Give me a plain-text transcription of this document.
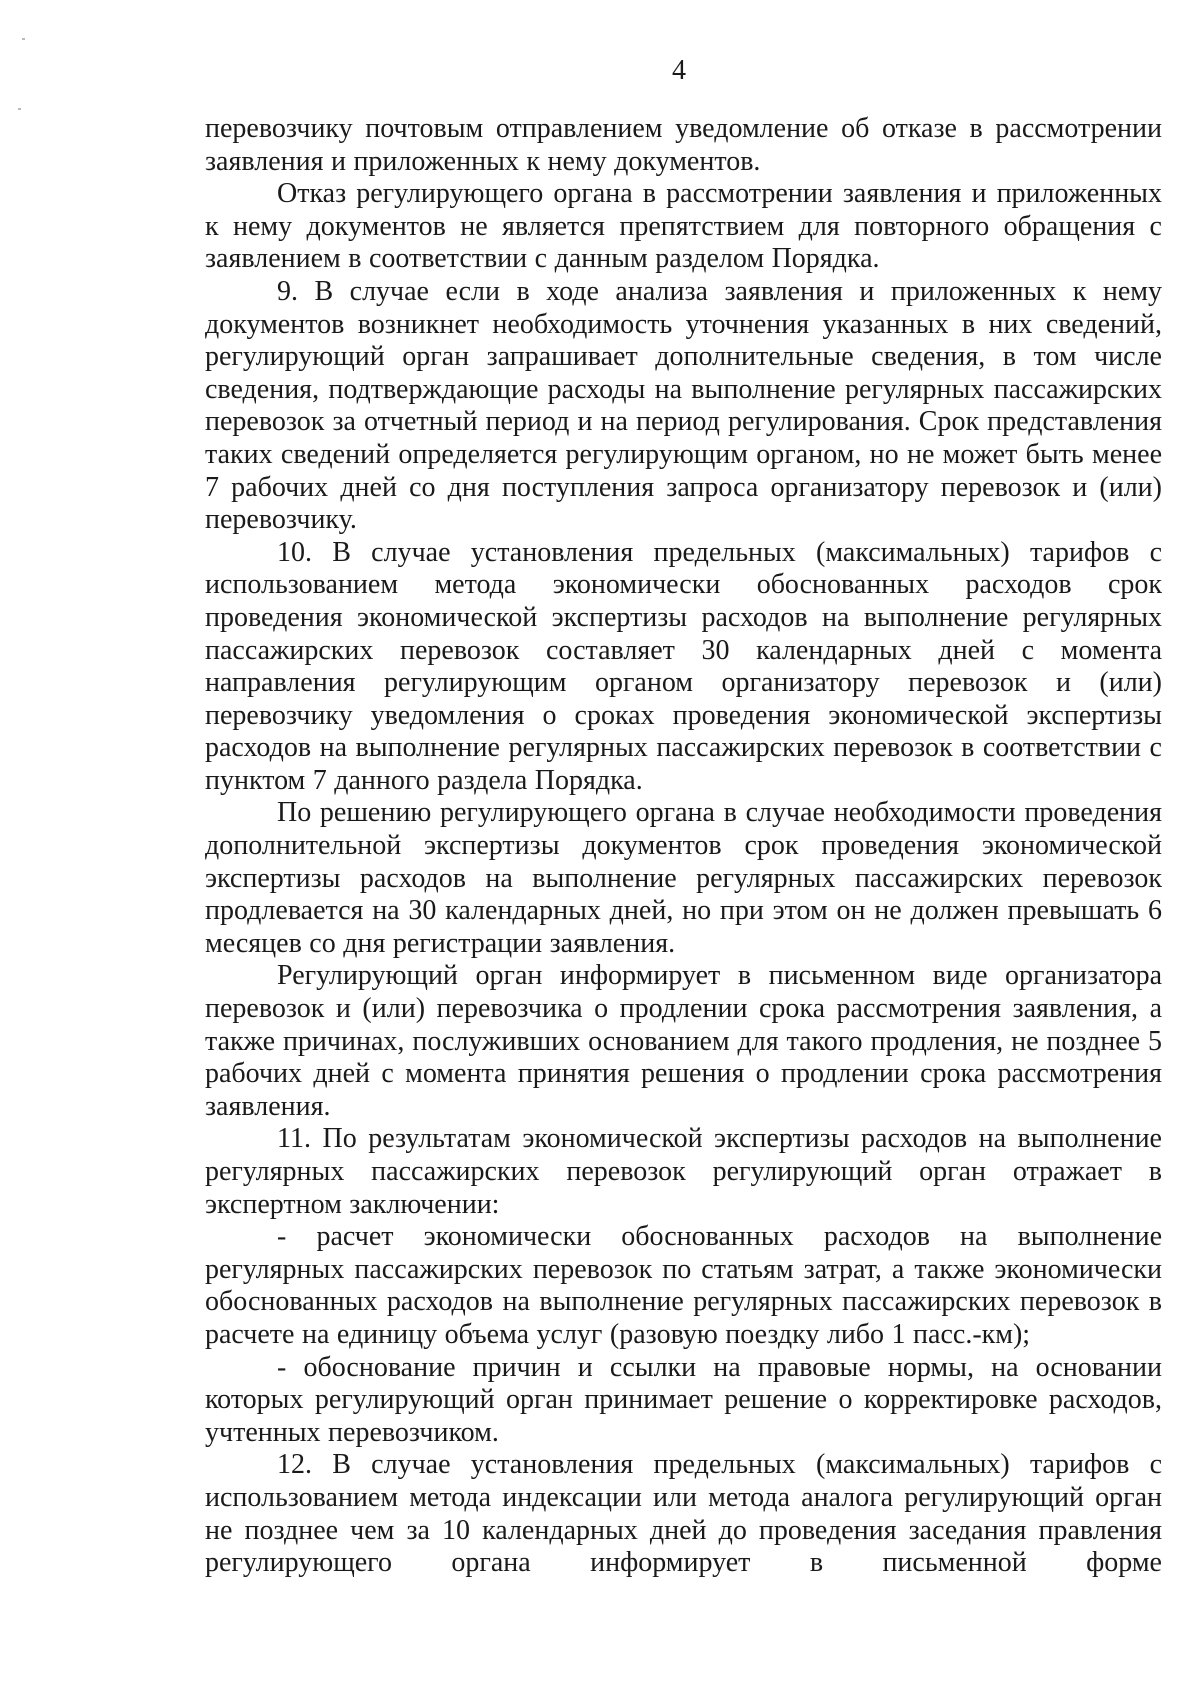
4

перевозчику почтовым отправлением уведомление об отказе в рассмотрении заявления и приложенных к нему документов.

Отказ регулирующего органа в рассмотрении заявления и приложенных к нему документов не является препятствием для повторного обращения с заявлением в соответствии с данным разделом Порядка.

9. В случае если в ходе анализа заявления и приложенных к нему документов возникнет необходимость уточнения указанных в них сведений, регулирующий орган запрашивает дополнительные сведения, в том числе сведения, подтверждающие расходы на выполнение регулярных пассажирских перевозок за отчетный период и на период регулирования. Срок представления таких сведений определяется регулирующим органом, но не может быть менее 7 рабочих дней со дня поступления запроса организатору перевозок и (или) перевозчику.

10. В случае установления предельных (максимальных) тарифов с использованием метода экономически обоснованных расходов срок проведения экономической экспертизы расходов на выполнение регулярных пассажирских перевозок составляет 30 календарных дней с момента направления регулирующим органом организатору перевозок и (или) перевозчику уведомления о сроках проведения экономической экспертизы расходов на выполнение регулярных пассажирских перевозок в соответствии с пунктом 7 данного раздела Порядка.

По решению регулирующего органа в случае необходимости проведения дополнительной экспертизы документов срок проведения экономической экспертизы расходов на выполнение регулярных пассажирских перевозок продлевается на 30 календарных дней, но при этом он не должен превышать 6 месяцев со дня регистрации заявления.

Регулирующий орган информирует в письменном виде организатора перевозок и (или) перевозчика о продлении срока рассмотрения заявления, а также причинах, послуживших основанием для такого продления, не позднее 5 рабочих дней с момента принятия решения о продлении срока рассмотрения заявления.

11. По результатам экономической экспертизы расходов на выполнение регулярных пассажирских перевозок регулирующий орган отражает в экспертном заключении:

- расчет экономически обоснованных расходов на выполнение регулярных пассажирских перевозок по статьям затрат, а также экономически обоснованных расходов на выполнение регулярных пассажирских перевозок в расчете на единицу объема услуг (разовую поездку либо 1 пасс.-км);

- обоснование причин и ссылки на правовые нормы, на основании которых регулирующий орган принимает решение о корректировке расходов, учтенных перевозчиком.

12. В случае установления предельных (максимальных) тарифов с использованием метода индексации или метода аналога регулирующий орган не позднее чем за 10 календарных дней до проведения заседания правления регулирующего органа информирует в письменной форме
